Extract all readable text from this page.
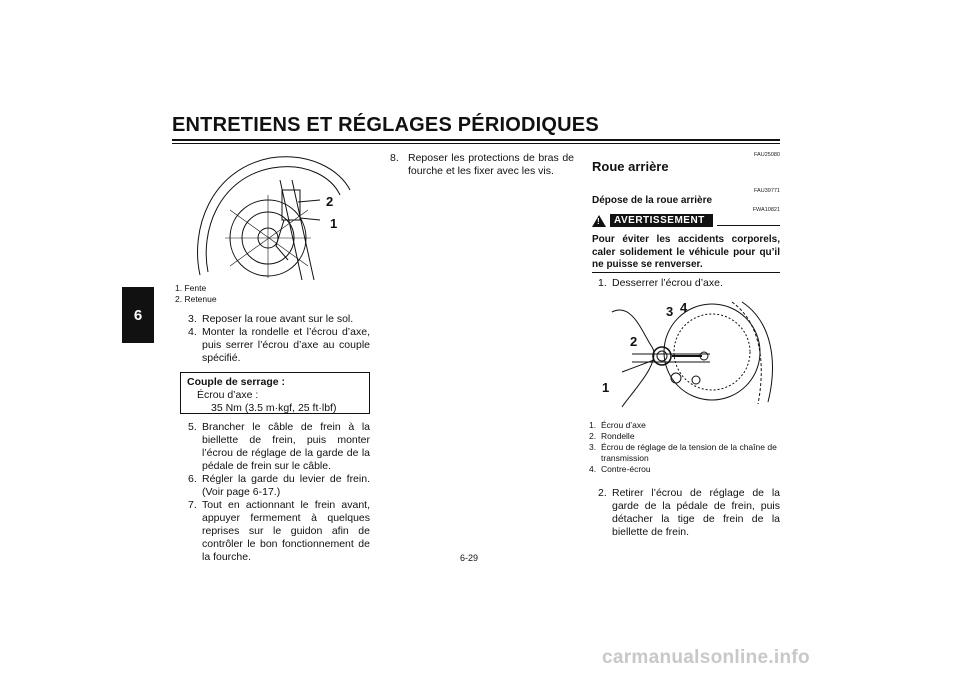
ENTRETIENS ET RÉGLAGES PÉRIODIQUES
6
2
1
1. Fente
2. Retenue
3. Reposer la roue avant sur le sol.
4. Monter la rondelle et l’écrou d’axe, puis serrer l’écrou d’axe au couple spécifié.
Couple de serrage :
Écrou d’axe :
35 Nm (3.5 m·kgf, 25 ft·lbf)
5. Brancher le câble de frein à la biellette de frein, puis monter l’écrou de réglage de la garde de la pédale de frein sur le câble.
6. Régler la garde du levier de frein. (Voir page 6-17.)
7. Tout en actionnant le frein avant, appuyer fermement à quelques reprises sur le guidon afin de contrôler le bon fonctionnement de la fourche.
8. Reposer les protections de bras de fourche et les fixer avec les vis.
FAU25080
Roue arrière
FAU39771
Dépose de la roue arrière
FWA10821
!	AVERTISSEMENT
Pour éviter les accidents corporels, caler solidement le véhicule pour qu’il ne puisse se renverser.
1. Desserrer l’écrou d’axe.
1
2
3 4
1. Écrou d’axe
2. Rondelle
3. Écrou de réglage de la tension de la chaîne de transmission
4. Contre-écrou
2. Retirer l’écrou de réglage de la garde de la pédale de frein, puis détacher la tige de frein de la biellette de frein.
6-29
carmanualsonline.info
